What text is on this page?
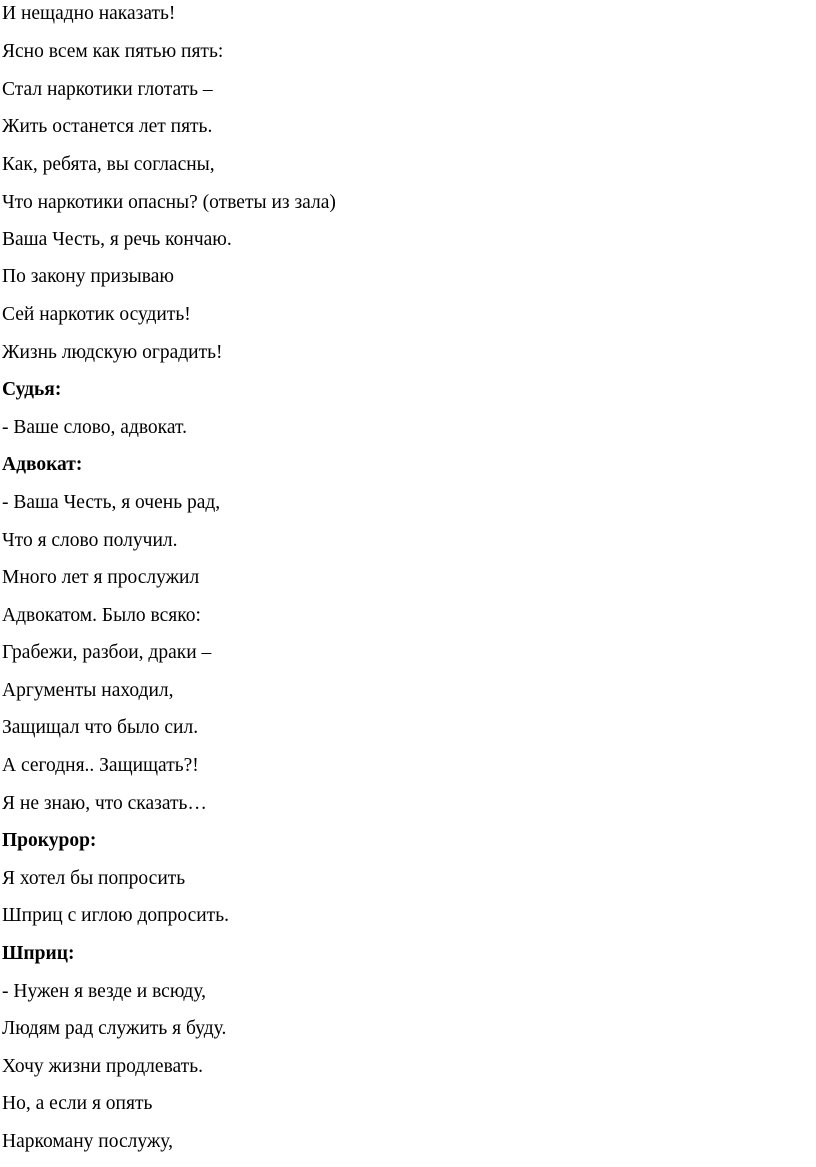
И нещадно наказать!

Ясно всем как пятью пять:

Стал наркотики глотать –

Жить останется лет пять.

Как, ребята, вы согласны,

Что наркотики опасны? (ответы из зала)

Ваша Честь, я речь кончаю.

По закону призываю

Сей наркотик осудить!

Жизнь людскую оградить!

Судья:

- Ваше слово, адвокат.

Адвокат:

- Ваша Честь, я очень рад,

Что я слово получил.

Много лет я прослужил

Адвокатом. Было всяко:

Грабежи, разбои, драки –

Аргументы находил,

Защищал что было сил.

А сегодня.. Защищать?!

Я не знаю, что сказать…

Прокурор:

Я хотел бы попросить

Шприц с иглою допросить.

Шприц:

- Нужен я везде и всюду,

Людям рад служить я буду.

Хочу жизни продлевать.

Но, а если я опять

Наркоману послужу,
